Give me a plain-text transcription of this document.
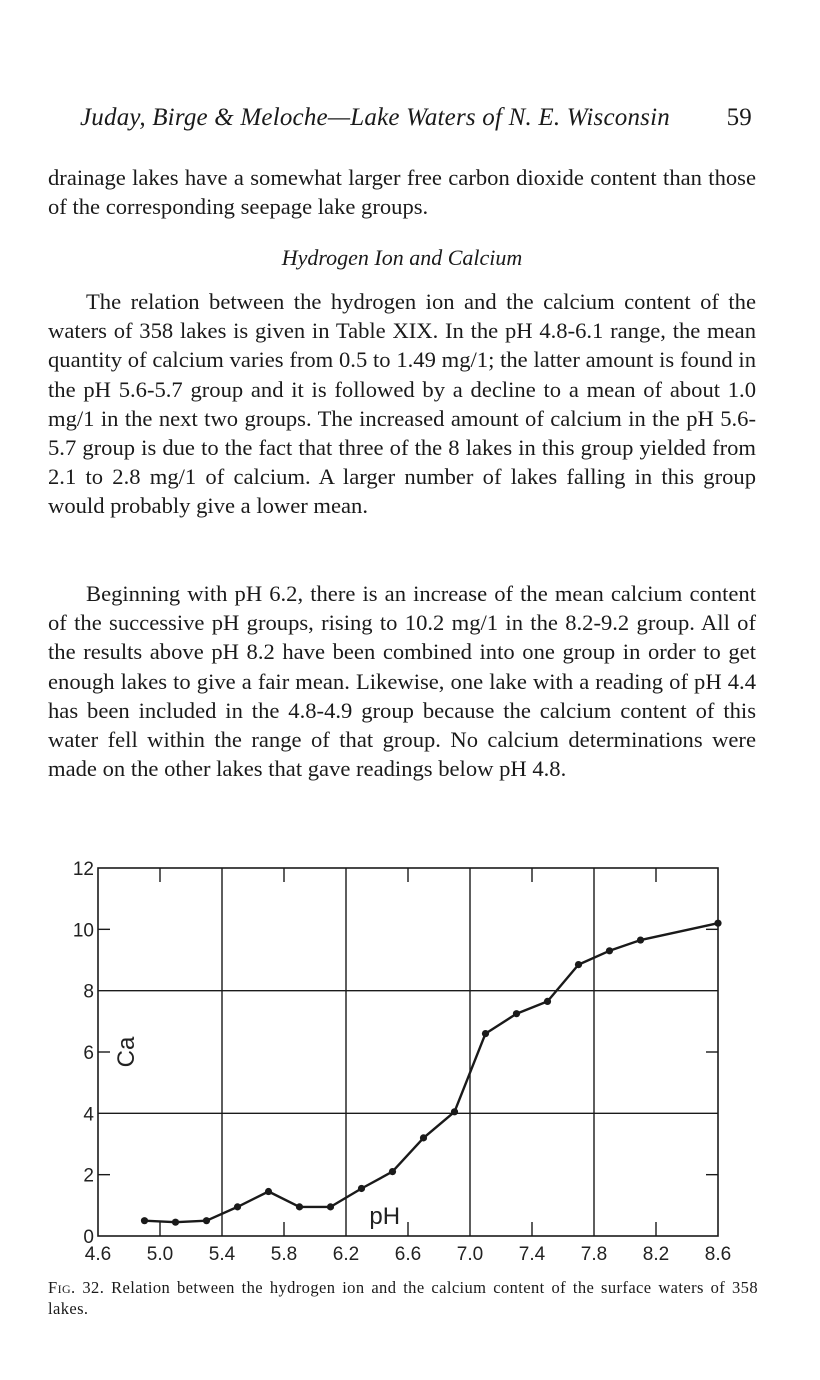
Juday, Birge & Meloche—Lake Waters of N. E. Wisconsin 59
drainage lakes have a somewhat larger free carbon dioxide content than those of the corresponding seepage lake groups.
Hydrogen Ion and Calcium
The relation between the hydrogen ion and the calcium content of the waters of 358 lakes is given in Table XIX. In the pH 4.8-6.1 range, the mean quantity of calcium varies from 0.5 to 1.49 mg/1; the latter amount is found in the pH 5.6-5.7 group and it is followed by a decline to a mean of about 1.0 mg/1 in the next two groups. The increased amount of calcium in the pH 5.6-5.7 group is due to the fact that three of the 8 lakes in this group yielded from 2.1 to 2.8 mg/1 of calcium. A larger number of lakes falling in this group would probably give a lower mean.
Beginning with pH 6.2, there is an increase of the mean calcium content of the successive pH groups, rising to 10.2 mg/1 in the 8.2-9.2 group. All of the results above pH 8.2 have been combined into one group in order to get enough lakes to give a fair mean. Likewise, one lake with a reading of pH 4.4 has been included in the 4.8-4.9 group because the calcium content of this water fell within the range of that group. No calcium determinations were made on the other lakes that gave readings below pH 4.8.
4.6 5.0 5.4 5.8 6.2 6.6 7.0 7.4 7.8 8.2 8.6
0
2
4
6
8
10
12
pH
Ca
Fig. 32. Relation between the hydrogen ion and the calcium content of the surface waters of 358 lakes.
